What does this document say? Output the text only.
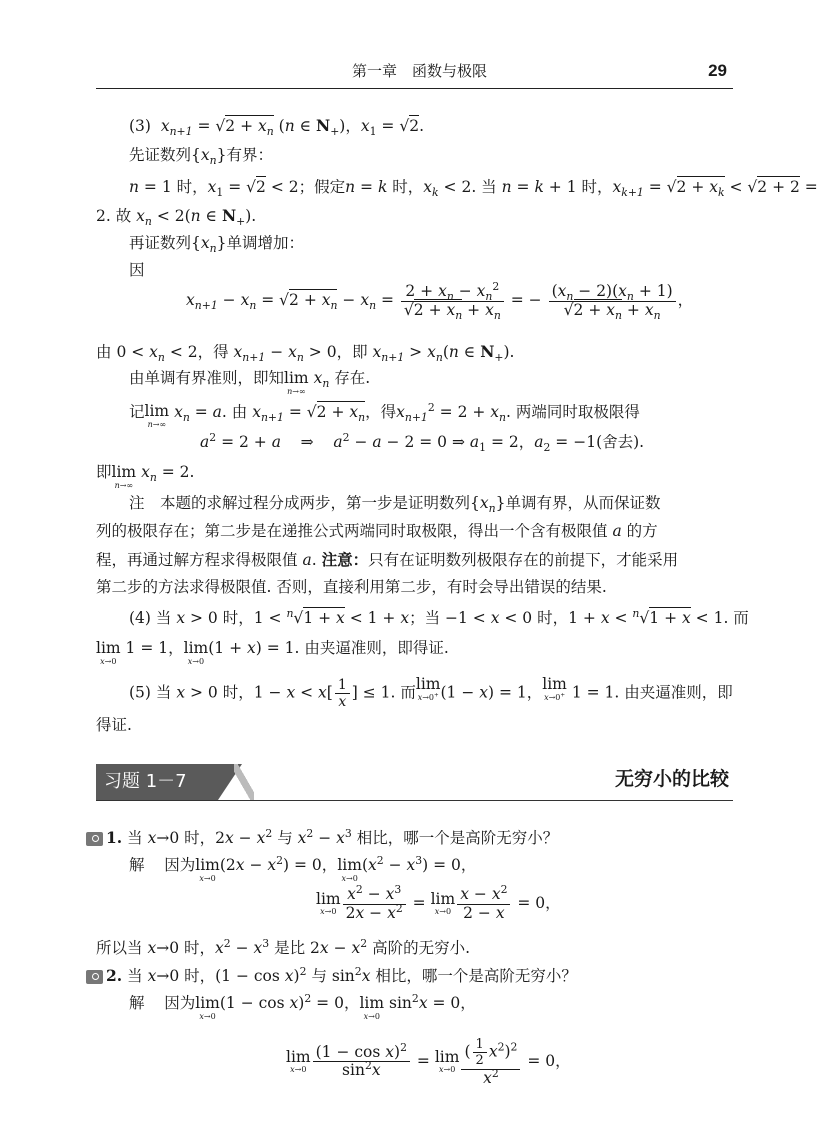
第一章　函数与极限	29
(3) $x_{n+1} = √2 + x_n$ (n ∈ $N_+$)，$x_1 = √2$.
先证数列$\{x_n\}$有界：
n = 1 时，$x_1 = √2 < 2$；假定n = k 时，$x_k < 2$. 当 n = k + 1 时，$x_{k+1} = √2 + x_k < √2 + 2$ =
2. 故 $x_n < 2(n$ ∈ $N_+$).
再证数列$\{x_n\}$单调增加：
因
$x_{n+1} - x_n = √2 + x_n - x_n = \frac{2 + x_n - x_n^2}{√2 + x_n + x_n}$ = − $\frac{(x_n - 2)(x_n + 1)}{√2 + x_n + x_n}$ ，
由 $0 < x_n < 2$，得 $x_{n+1} - x_n > 0$，即 $x_{n+1} > x_n(n$ ∈ $N_+$).
由单调有界准则，即知lim
n→∞
$x_n$ 存在.
记lim
n→∞
$x_n = a$. 由 $x_{n+1} = √2 + x_n$，得$x_{n+1}^2 = 2 + x_n$. 两端同时取极限得
$a^2 = 2 + a$    ⇒    $a^2 - a - 2 = 0$ ⇒ $a_1 = 2$，$a_2 = -1$(舍去).
即lim
n→∞
$x_n = 2$.
注　本题的求解过程分成两步，第一步是证明数列$\{x_n\}$单调有界，从而保证数
列的极限存在；第二步是在递推公式两端同时取极限，得出一个含有极限值 a 的方
程，再通过解方程求得极限值 a. 注意：只有在证明数列极限存在的前提下，才能采用
第二步的方法求得极限值. 否则，直接利用第二步，有时会导出错误的结果.
(4) 当 x > 0 时，1 < $^n$√1 + x < 1 + x；当 −1 < x < 0 时，1 + x < $^n$√1 + x < 1. 而
lim
x→0
1 = 1，lim
x→0
(1 + x) = 1. 由夹逼准则，即得证.
(5) 当 x > 0 时，$1 - x < x[ \frac{1}{x}$ ] ≤ 1. 而lim
x→0+ (1 − x) = 1，lim
x→0+ 1 = 1. 由夹逼准则，即
得证.
习题 1－7	无穷小的比较
1. 当 x→0 时，$2x - x^2$ 与 $x^2 - x^3$ 相比，哪一个是高阶无穷小？
解 因为lim
x→0
$(2x - x^2) = 0$，lim
x→0
$(x^2 - x^3) = 0$，
lim
$x\to 0 \frac{x^2 - x^3}{2x - x^2} = \lim$
$x\to 0 \frac{x - x^2}{2 - x} = 0$，
所以当 x→0 时，$x^2 - x^3$ 是比 $2x - x^2$ 高阶的无穷小.
2. 当 x→0 时，$(1 - \cos x)^2$ 与 $\sin^2x$ 相比，哪一个是高阶无穷小？
解 因为lim
x→0
$(1 - \cos x)^2 = 0$，lim
x→0
$\sin^2x = 0$，
lim
$x\to 0 \frac{(1 - \cos x)^2}{\sin^2x} = \lim$
$x\to 0 \frac{( \frac{1}{2} x^2)^2}{x^2} = 0$，
